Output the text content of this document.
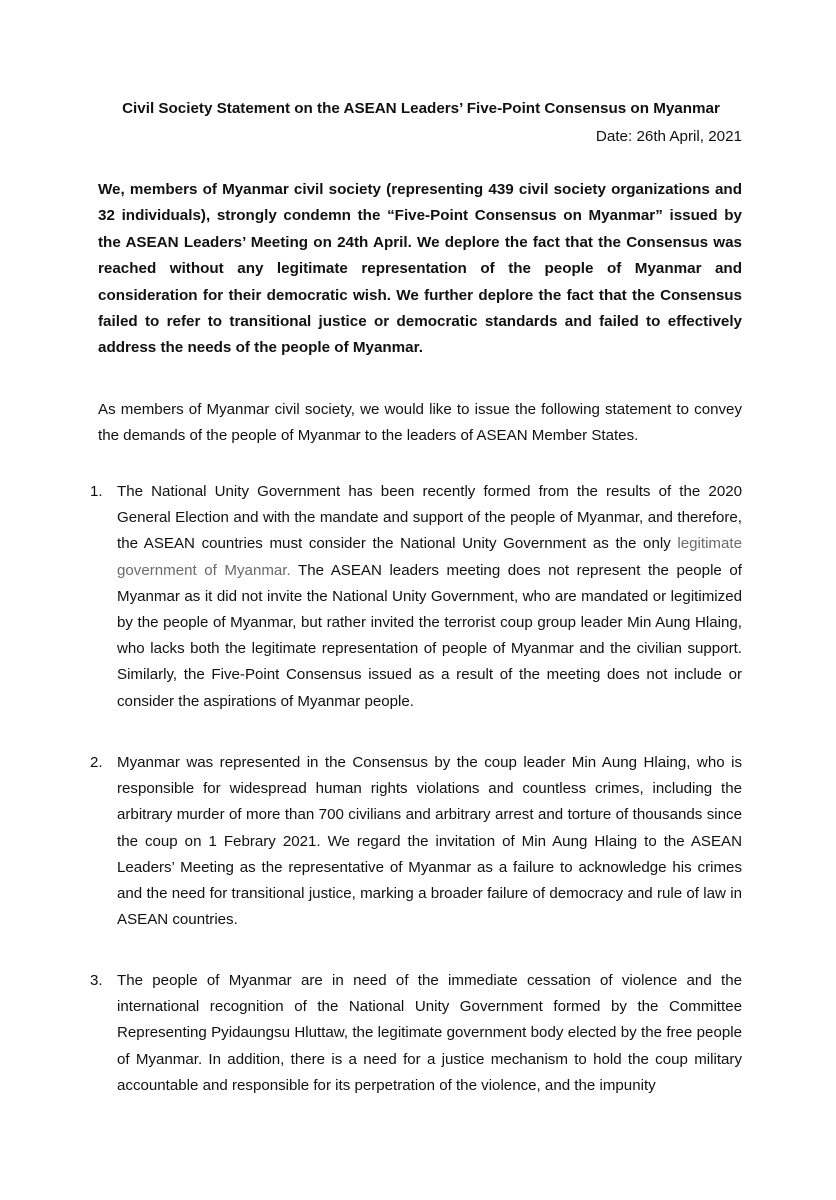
Civil Society Statement on the ASEAN Leaders’ Five-Point Consensus on Myanmar
Date: 26th April, 2021
We, members of Myanmar civil society (representing 439 civil society organizations and 32 individuals), strongly condemn the “Five-Point Consensus on Myanmar” issued by the ASEAN Leaders’ Meeting on 24th April. We deplore the fact that the Consensus was reached without any legitimate representation of the people of Myanmar and consideration for their democratic wish. We further deplore the fact that the Consensus failed to refer to transitional justice or democratic standards and failed to effectively address the needs of the people of Myanmar.
As members of Myanmar civil society, we would like to issue the following statement to convey the demands of the people of Myanmar to the leaders of ASEAN Member States.
1. The National Unity Government has been recently formed from the results of the 2020 General Election and with the mandate and support of the people of Myanmar, and therefore, the ASEAN countries must consider the National Unity Government as the only legitimate government of Myanmar. The ASEAN leaders meeting does not represent the people of Myanmar as it did not invite the National Unity Government, who are mandated or legitimized by the people of Myanmar, but rather invited the terrorist coup group leader Min Aung Hlaing, who lacks both the legitimate representation of people of Myanmar and the civilian support. Similarly, the Five-Point Consensus issued as a result of the meeting does not include or consider the aspirations of Myanmar people.
2. Myanmar was represented in the Consensus by the coup leader Min Aung Hlaing, who is responsible for widespread human rights violations and countless crimes, including the arbitrary murder of more than 700 civilians and arbitrary arrest and torture of thousands since the coup on 1 Febrary 2021. We regard the invitation of Min Aung Hlaing to the ASEAN Leaders’ Meeting as the representative of Myanmar as a failure to acknowledge his crimes and the need for transitional justice, marking a broader failure of democracy and rule of law in ASEAN countries.
3. The people of Myanmar are in need of the immediate cessation of violence and the international recognition of the National Unity Government formed by the Committee Representing Pyidaungsu Hluttaw, the legitimate government body elected by the free people of Myanmar. In addition, there is a need for a justice mechanism to hold the coup military accountable and responsible for its perpetration of the violence, and the impunity
